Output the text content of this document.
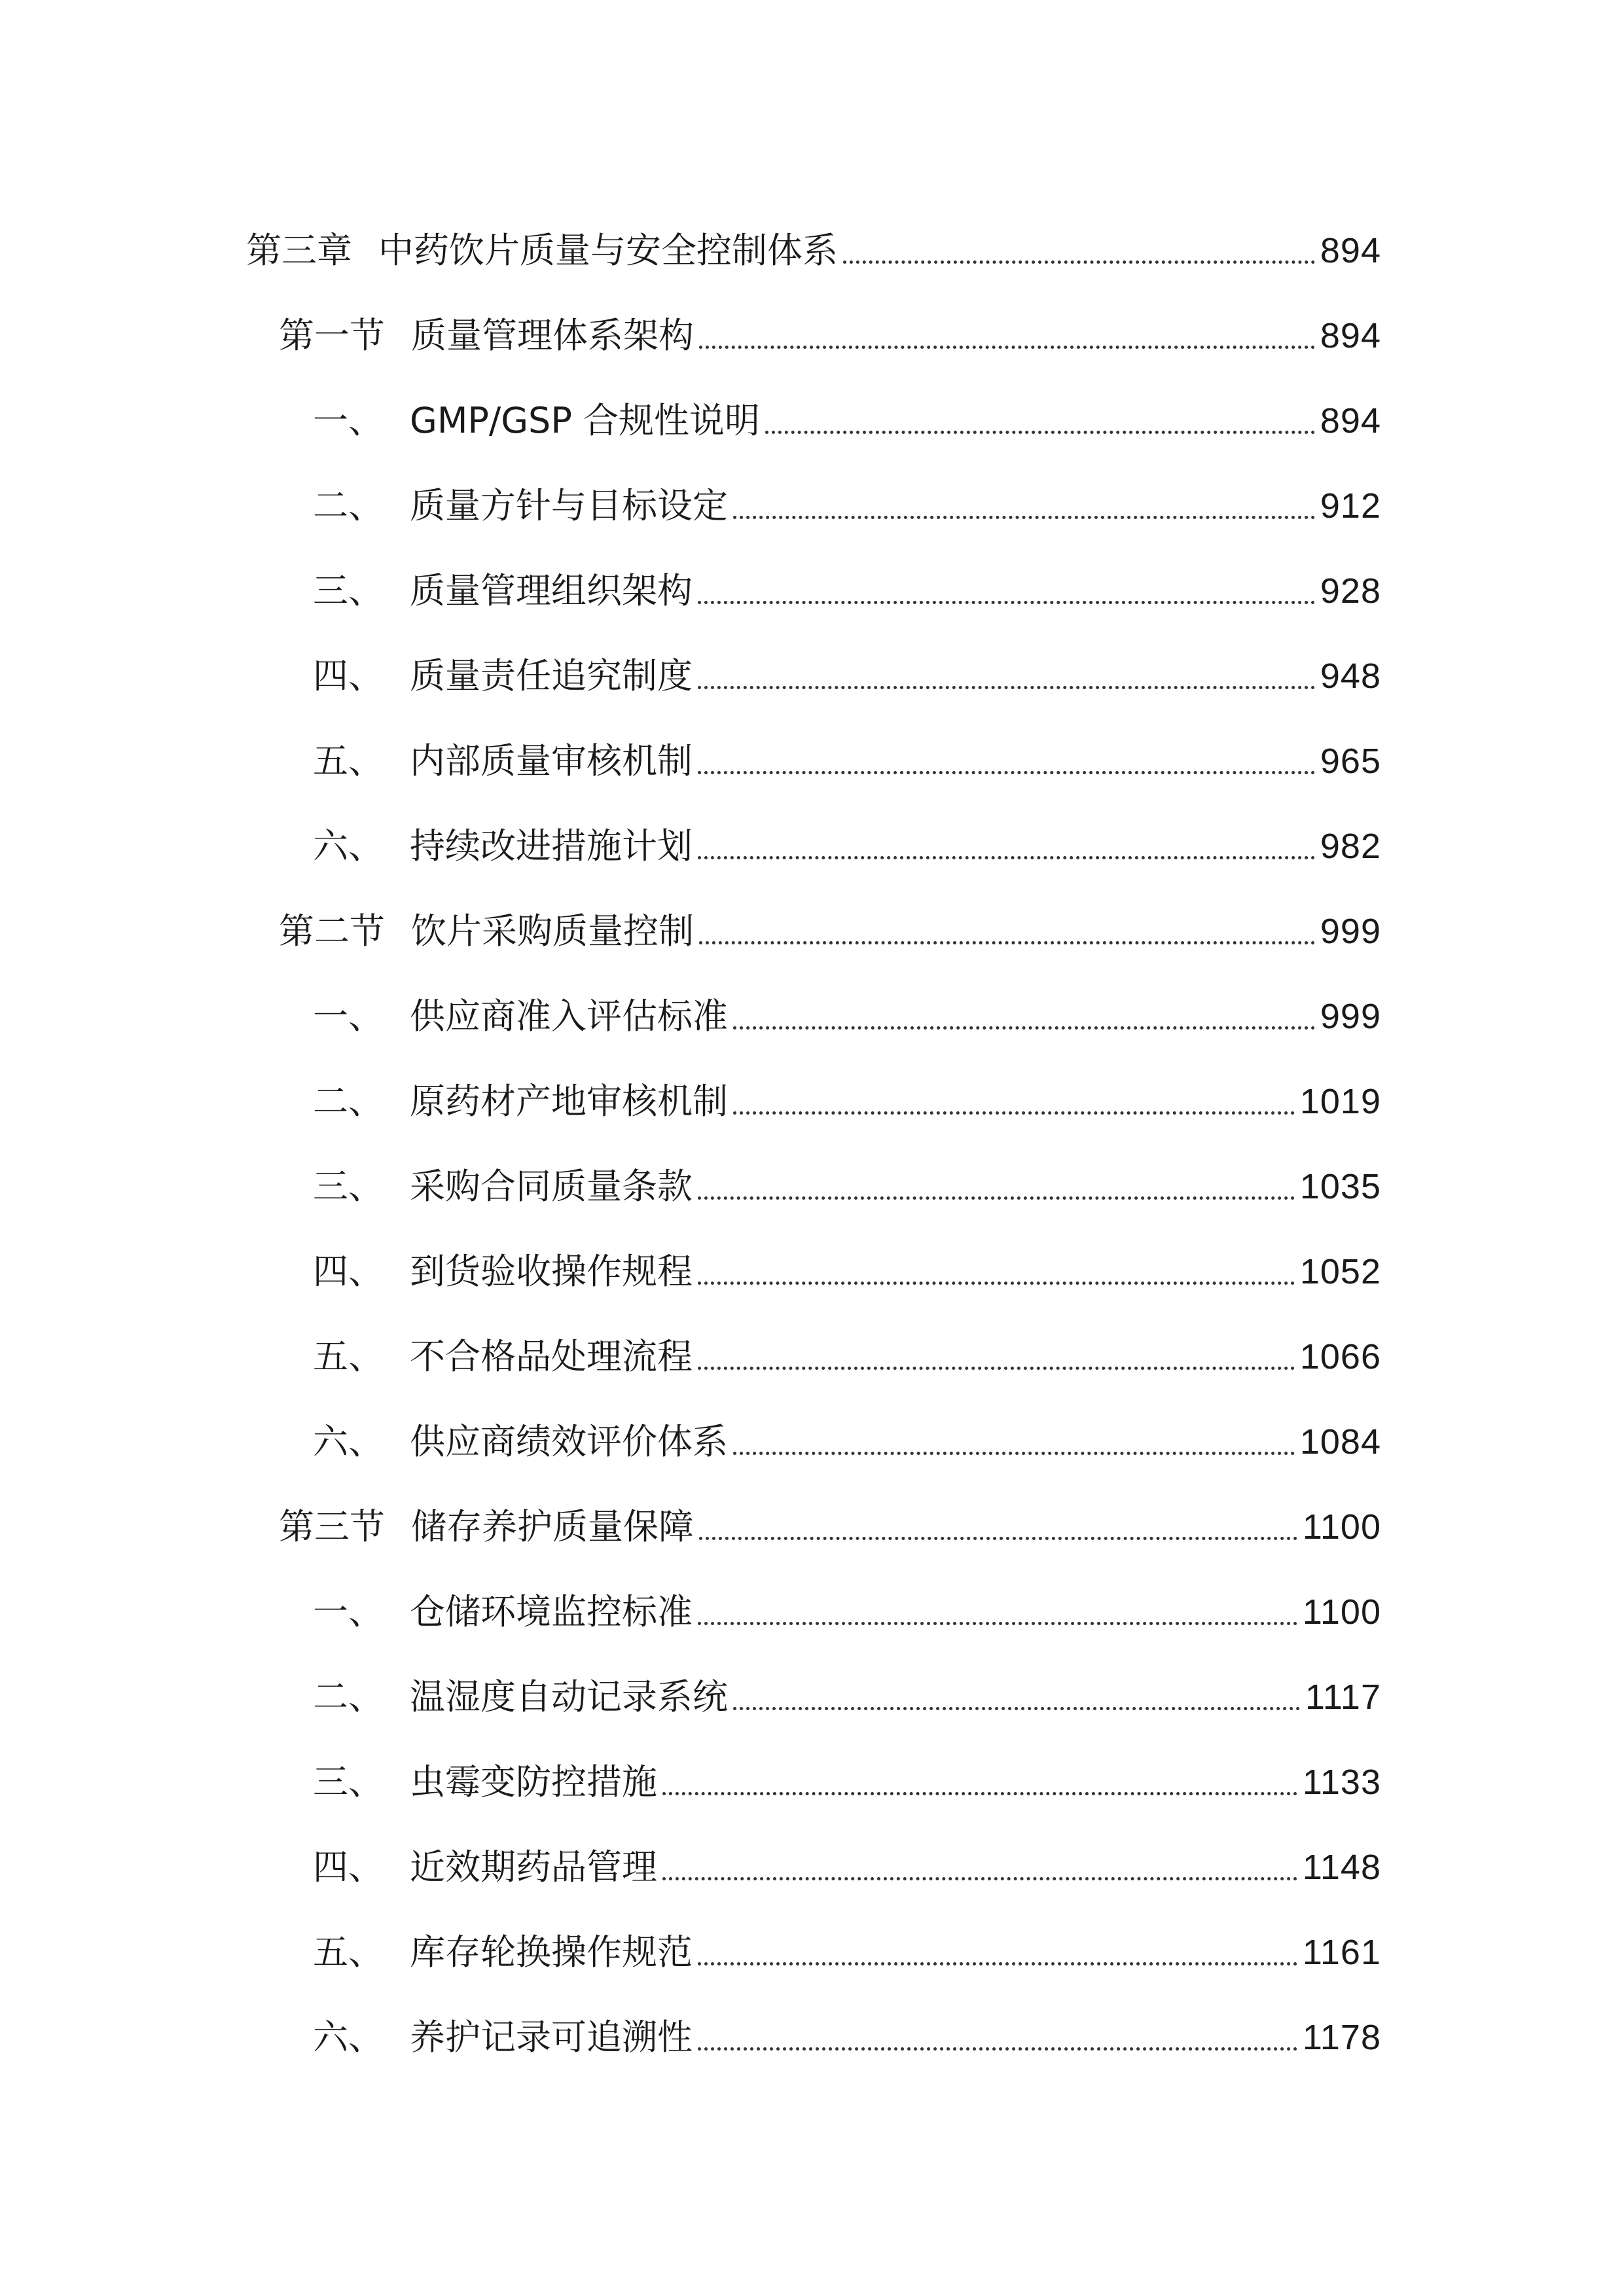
第三章 中药饮片质量与安全控制体系	894
第一节 质量管理体系架构	894
一、 GMP/GSP 合规性说明	894
二、 质量方针与目标设定	912
三、 质量管理组织架构	928
四、 质量责任追究制度	948
五、 内部质量审核机制	965
六、 持续改进措施计划	982
第二节 饮片采购质量控制	999
一、 供应商准入评估标准	999
二、 原药材产地审核机制	1019
三、 采购合同质量条款	1035
四、 到货验收操作规程	1052
五、 不合格品处理流程	1066
六、 供应商绩效评价体系	1084
第三节 储存养护质量保障	1100
一、 仓储环境监控标准	1100
二、 温湿度自动记录系统	1117
三、 虫霉变防控措施	1133
四、 近效期药品管理	1148
五、 库存轮换操作规范	1161
六、 养护记录可追溯性	1178
